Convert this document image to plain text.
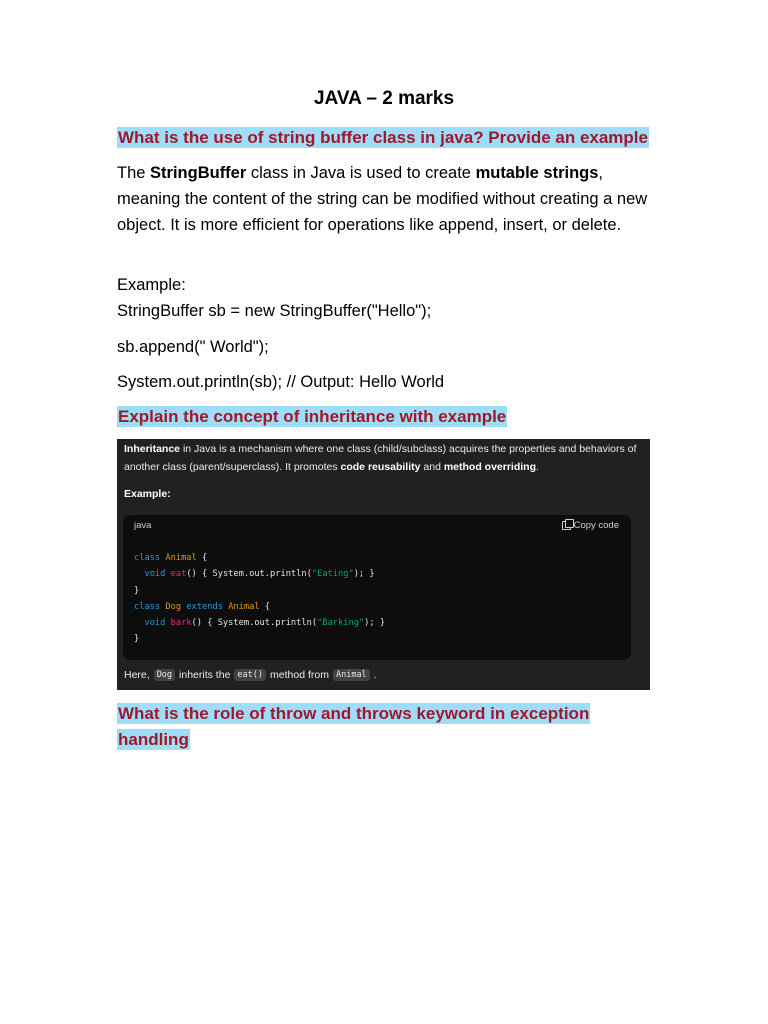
JAVA – 2 marks
What is the use of string buffer class in java? Provide an example
The StringBuffer class in Java is used to create mutable strings, meaning the content of the string can be modified without creating a new object. It is more efficient for operations like append, insert, or delete.
Example:
StringBuffer sb = new StringBuffer("Hello");
sb.append(" World");
System.out.println(sb); // Output: Hello World
Explain the concept of inheritance with example
Inheritance in Java is a mechanism where one class (child/subclass) acquires the properties and behaviors of another class (parent/superclass). It promotes code reusability and method overriding.
Example:
java	Copy code
class Animal {
void eat() { System.out.println("Eating"); }
}
class Dog extends Animal {
void bark() { System.out.println("Barking"); }
}
Here, Dog inherits the eat() method from Animal .
What is the role of throw and throws keyword in exception
handling
